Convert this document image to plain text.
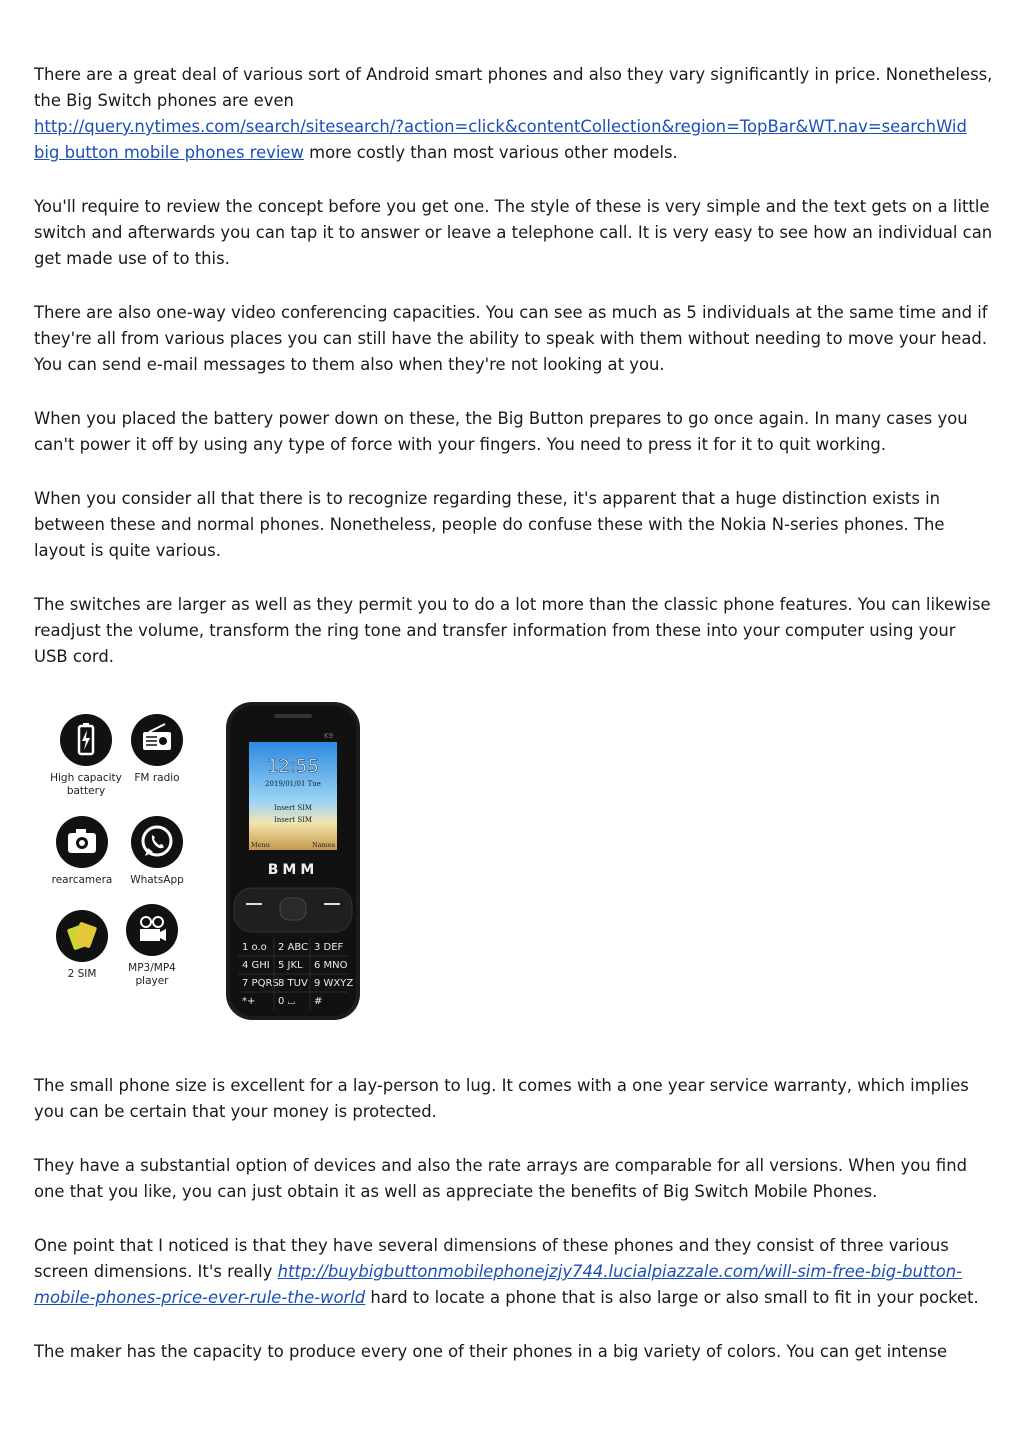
There are a great deal of various sort of Android smart phones and also they vary significantly in price. Nonetheless, the Big Switch phones are even
http://query.nytimes.com/search/sitesearch/?action=click&contentCollection&region=TopBar&WT.nav=searchWid
big button mobile phones review more costly than most various other models.

You'll require to review the concept before you get one. The style of these is very simple and the text gets on a little switch and afterwards you can tap it to answer or leave a telephone call. It is very easy to see how an individual can get made use of to this.

There are also one-way video conferencing capacities. You can see as much as 5 individuals at the same time and if they're all from various places you can still have the ability to speak with them without needing to move your head. You can send e-mail messages to them also when they're not looking at you.

When you placed the battery power down on these, the Big Button prepares to go once again. In many cases you can't power it off by using any type of force with your fingers. You need to press it for it to quit working.

When you consider all that there is to recognize regarding these, it's apparent that a huge distinction exists in between these and normal phones. Nonetheless, people do confuse these with the Nokia N-series phones. The layout is quite various.

The switches are larger as well as they permit you to do a lot more than the classic phone features. You can likewise readjust the volume, transform the ring tone and transfer information from these into your computer using your USB cord.

High capacity battery
FM radio
rearcamera	WhatsApp
2 SIM	MP3/MP4 player
K9
12:55
2019/01/01 Tue
Insert SIM
Insert SIM
Menu	Names
BMM
1 o.o 2 ABC 3 DEF
4 GHI 5 JKL 6 MNO
7 PQRS 8 TUV 9 WXYZ
*+ 0 ⌴ #

The small phone size is excellent for a lay-person to lug. It comes with a one year service warranty, which implies you can be certain that your money is protected.

They have a substantial option of devices and also the rate arrays are comparable for all versions. When you find one that you like, you can just obtain it as well as appreciate the benefits of Big Switch Mobile Phones.

One point that I noticed is that they have several dimensions of these phones and they consist of three various screen dimensions. It's really http://buybigbuttonmobilephonejzjy744.lucialpiazzale.com/will-sim-free-big-button-mobile-phones-price-ever-rule-the-world hard to locate a phone that is also large or also small to fit in your pocket.

The maker has the capacity to produce every one of their phones in a big variety of colors. You can get intense
